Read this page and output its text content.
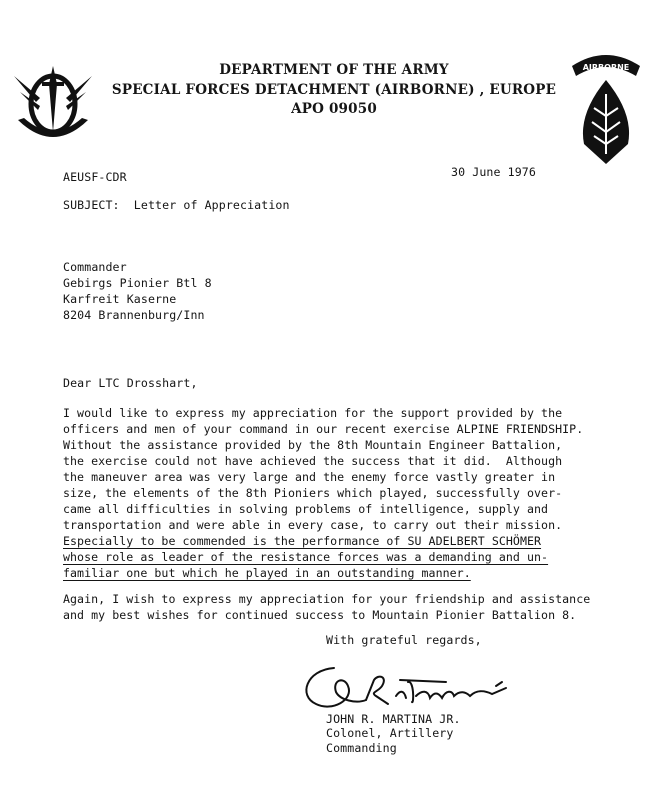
AIRBORNE
DEPARTMENT OF THE ARMY
SPECIAL FORCES DETACHMENT (AIRBORNE) , EUROPE
APO 09050
AEUSF-CDR	30 June 1976
SUBJECT:  Letter of Appreciation
Commander
Gebirgs Pionier Btl 8
Karfreit Kaserne
8204 Brannenburg/Inn
Dear LTC Drosshart,
I would like to express my appreciation for the support provided by the
officers and men of your command in our recent exercise ALPINE FRIENDSHIP.
Without the assistance provided by the 8th Mountain Engineer Battalion,
the exercise could not have achieved the success that it did.  Although
the maneuver area was very large and the enemy force vastly greater in
size, the elements of the 8th Pioniers which played, successfully over-
came all difficulties in solving problems of intelligence, supply and
transportation and were able in every case, to carry out their mission.
Especially to be commended is the performance of SU ADELBERT SCHÖMER
whose role as leader of the resistance forces was a demanding and un-
familiar one but which he played in an outstanding manner.
Again, I wish to express my appreciation for your friendship and assistance
and my best wishes for continued success to Mountain Pionier Battalion 8.
With grateful regards,
JOHN R. MARTINA JR.
Colonel, Artillery
Commanding
